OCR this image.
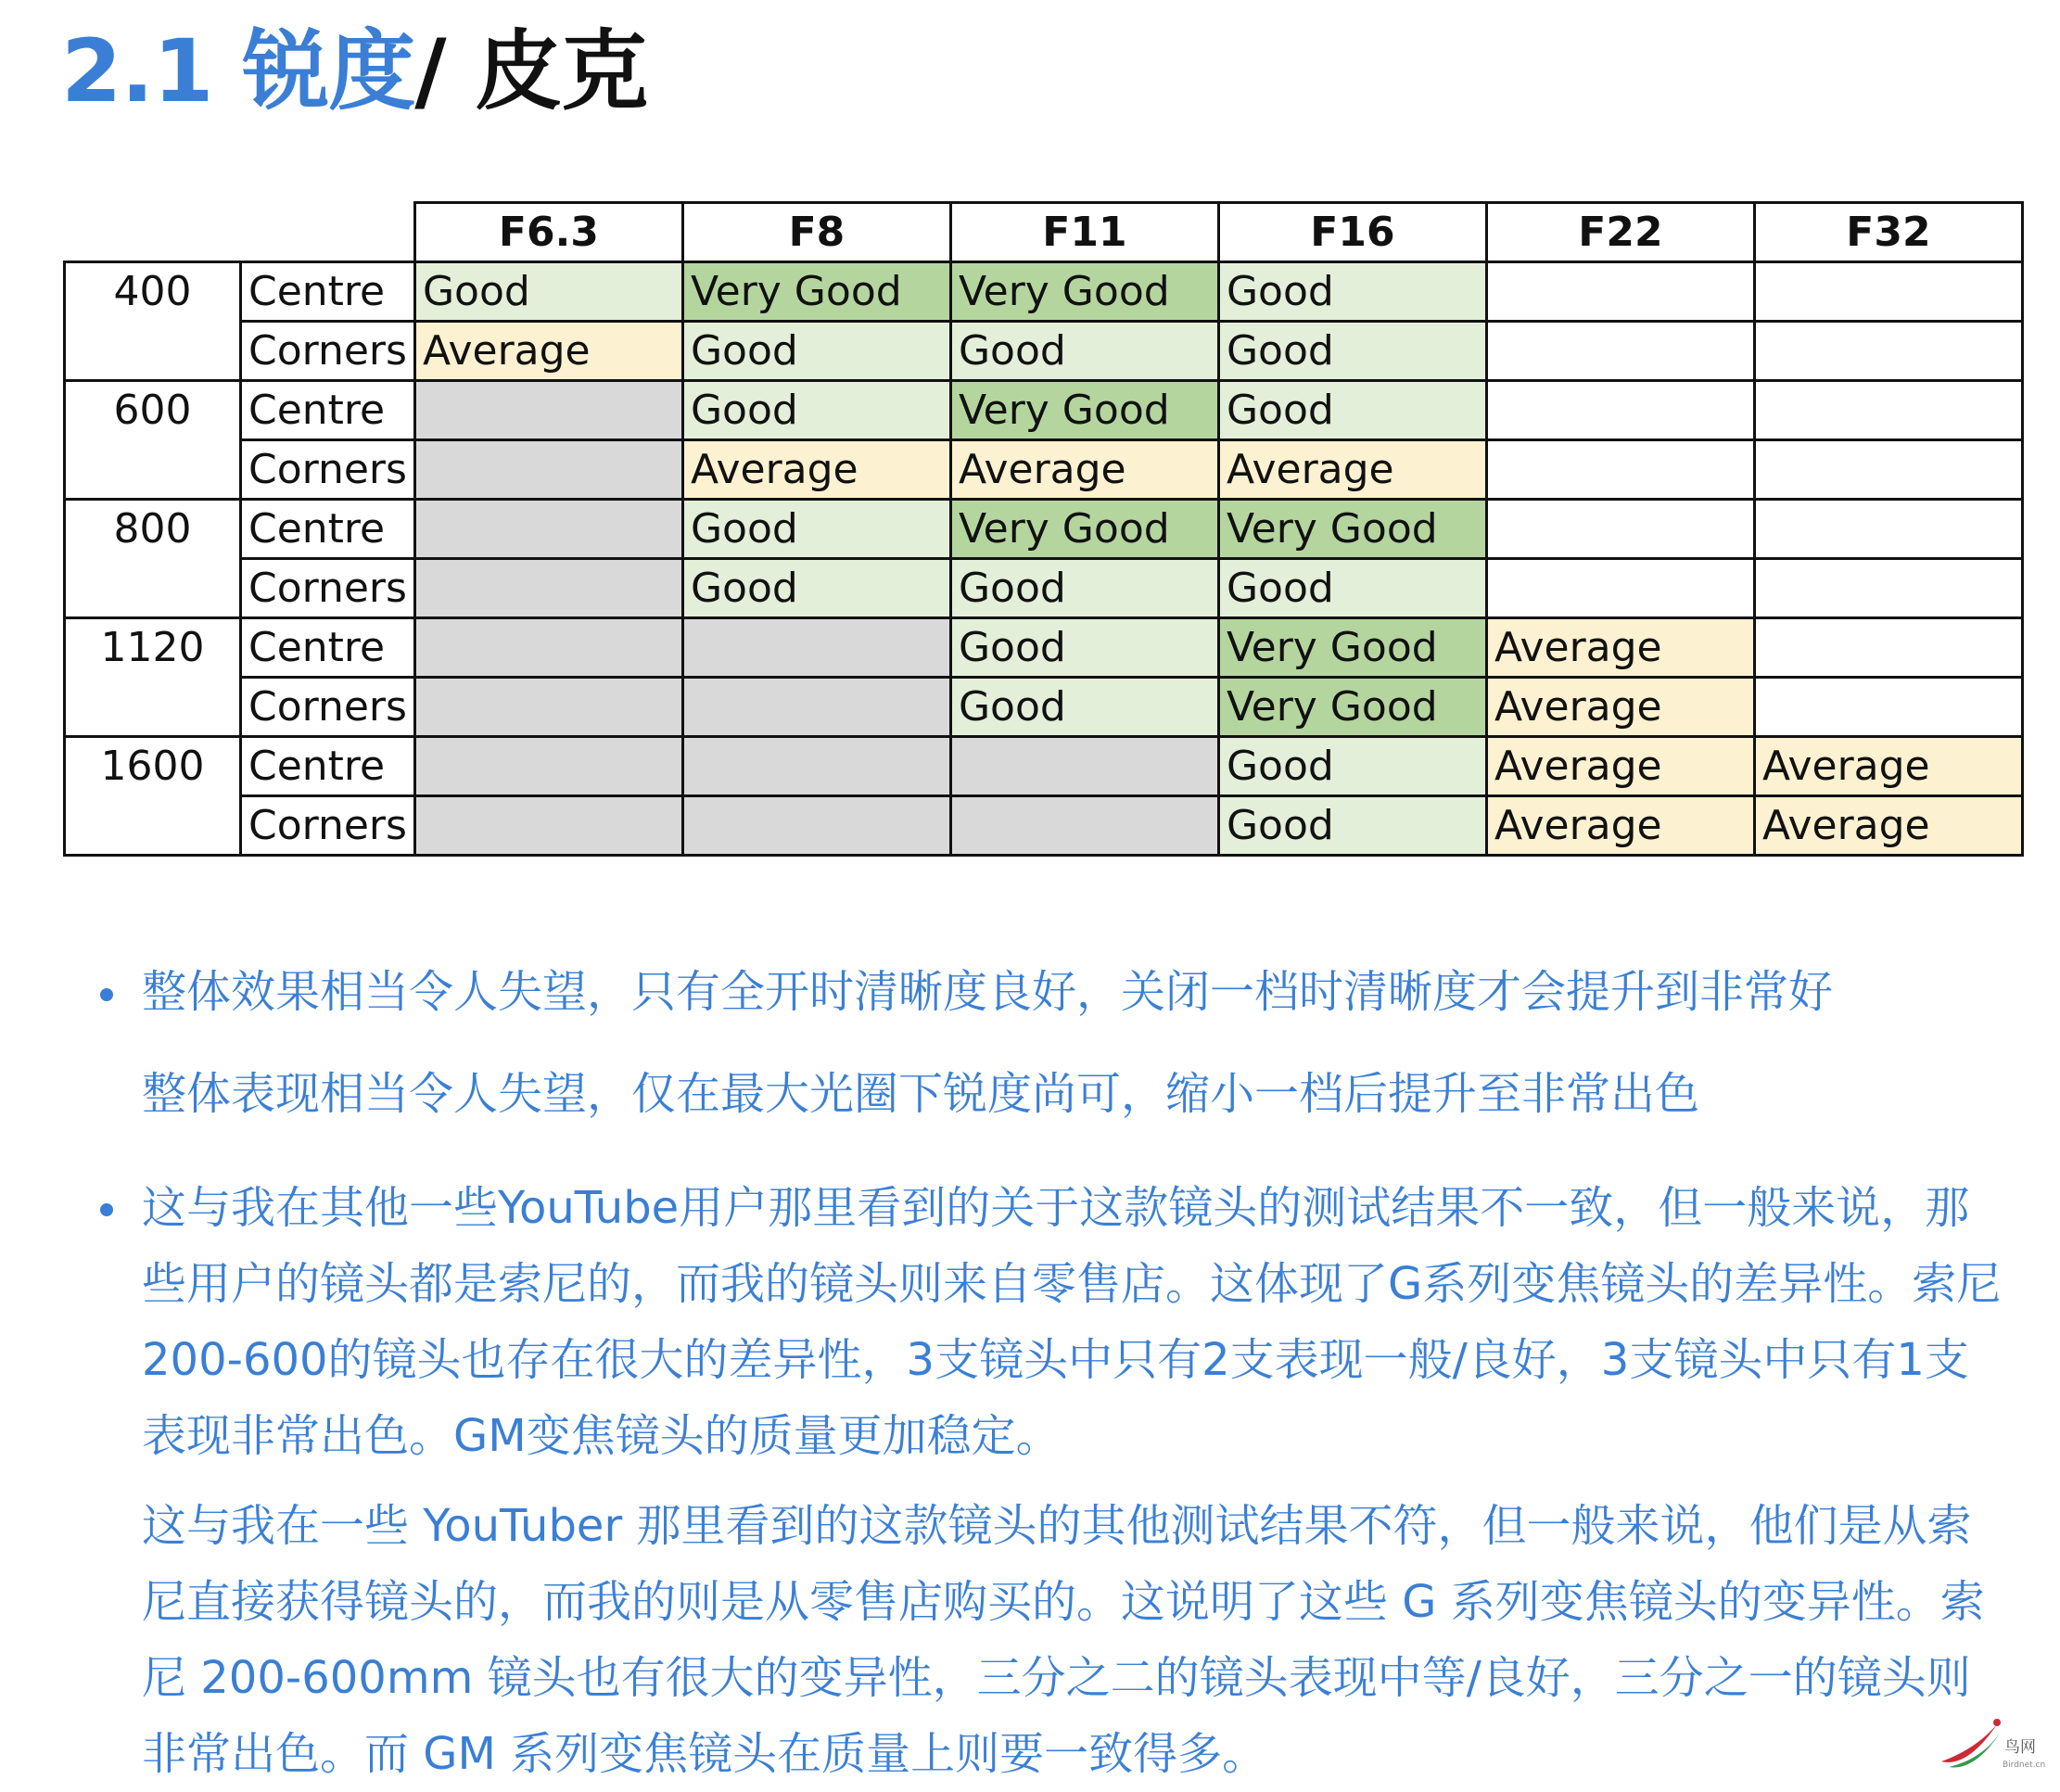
2.1 锐度/ 皮克
		F6.3	F8	F11	F16	F22	F32
400	Centre	Good	Very Good	Very Good	Good		
	Corners	Average	Good	Good	Good		
600	Centre		Good	Very Good	Good		
	Corners		Average	Average	Average		
800	Centre		Good	Very Good	Very Good		
	Corners		Good	Good	Good		
1120	Centre			Good	Very Good	Average	
	Corners			Good	Very Good	Average	
1600	Centre				Good	Average	Average
	Corners				Good	Average	Average

整体效果相当令人失望，只有全开时清晰度良好，关闭一档时清晰度才会提升到非常好

整体表现相当令人失望，仅在最大光圈下锐度尚可，缩小一档后提升至非常出色

这与我在其他一些YouTube用户那里看到的关于这款镜头的测试结果不一致，但一般来说，那些用户的镜头都是索尼的，而我的镜头则来自零售店。这体现了G系列变焦镜头的差异性。索尼200-600的镜头也存在很大的差异性，3支镜头中只有2支表现一般/良好，3支镜头中只有1支表现非常出色。GM变焦镜头的质量更加稳定。

这与我在一些 YouTuber 那里看到的这款镜头的其他测试结果不符，但一般来说，他们是从索尼直接获得镜头的，而我的则是从零售店购买的。这说明了这些 G 系列变焦镜头的变异性。索尼 200-600mm 镜头也有很大的变异性，三分之二的镜头表现中等/良好，三分之一的镜头则非常出色。而 GM 系列变焦镜头在质量上则要一致得多。	鸟网
Birdnet.cn
